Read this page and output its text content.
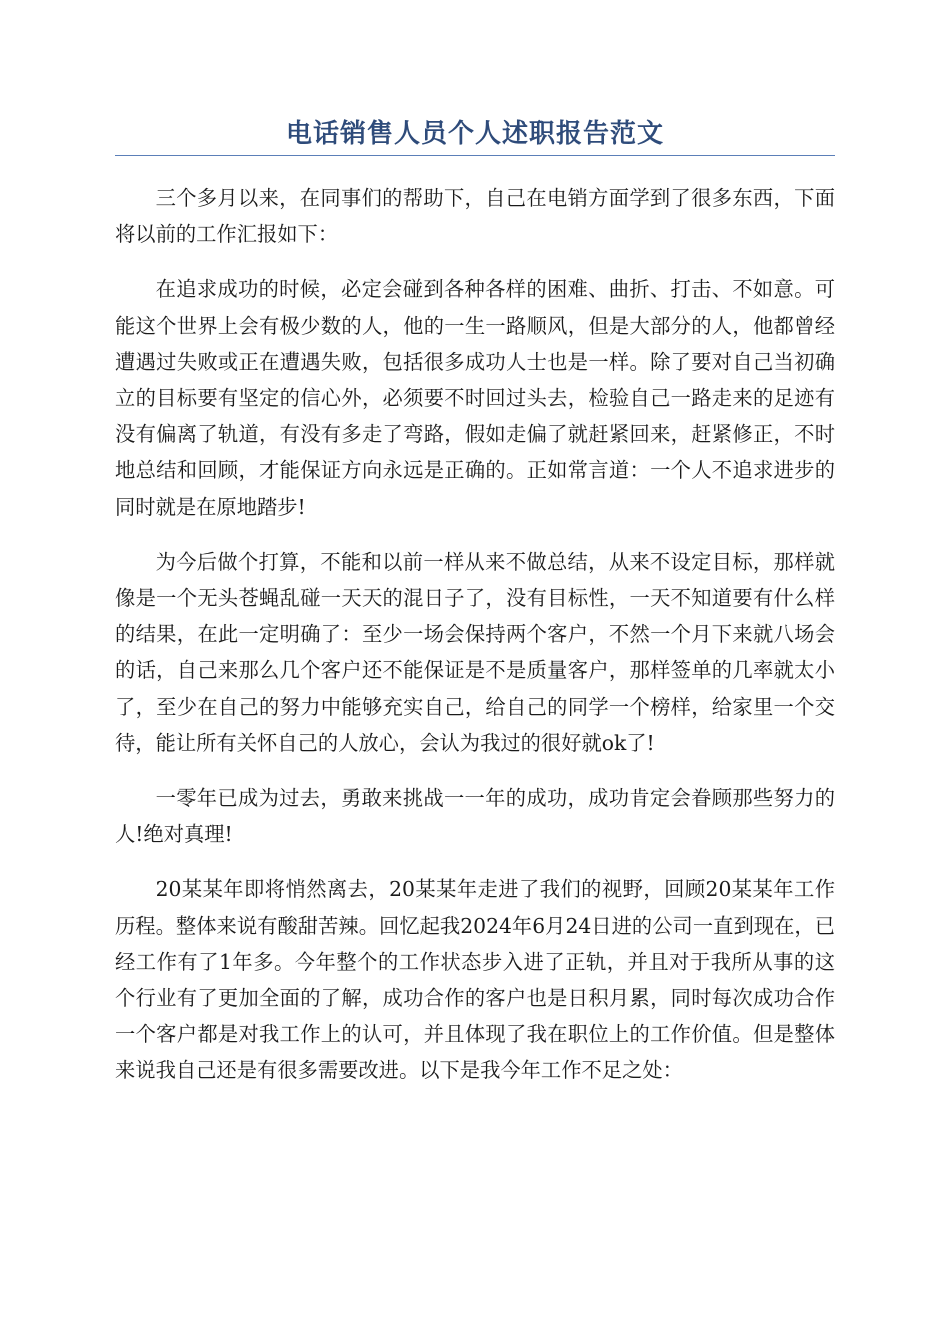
电话销售人员个人述职报告范文

三个多月以来，在同事们的帮助下，自己在电销方面学到了很多东西，下面将以前的工作汇报如下：

在追求成功的时候，必定会碰到各种各样的困难、曲折、打击、不如意。可能这个世界上会有极少数的人，他的一生一路顺风，但是大部分的人，他都曾经遭遇过失败或正在遭遇失败，包括很多成功人士也是一样。除了要对自己当初确立的目标要有坚定的信心外，必须要不时回过头去，检验自己一路走来的足迹有没有偏离了轨道，有没有多走了弯路，假如走偏了就赶紧回来，赶紧修正，不时地总结和回顾，才能保证方向永远是正确的。正如常言道：一个人不追求进步的同时就是在原地踏步!

为今后做个打算，不能和以前一样从来不做总结，从来不设定目标，那样就像是一个无头苍蝇乱碰一天天的混日子了，没有目标性，一天不知道要有什么样的结果，在此一定明确了：至少一场会保持两个客户，不然一个月下来就八场会的话，自己来那么几个客户还不能保证是不是质量客户，那样签单的几率就太小了，至少在自己的努力中能够充实自己，给自己的同学一个榜样，给家里一个交待，能让所有关怀自己的人放心，会认为我过的很好就ok了!

一零年已成为过去，勇敢来挑战一一年的成功，成功肯定会眷顾那些努力的人!绝对真理!

20某某年即将悄然离去，20某某年走进了我们的视野，回顾20某某年工作历程。整体来说有酸甜苦辣。回忆起我2024年6月24日进的公司一直到现在，已经工作有了1年多。今年整个的工作状态步入进了正轨，并且对于我所从事的这个行业有了更加全面的了解，成功合作的客户也是日积月累，同时每次成功合作一个客户都是对我工作上的认可，并且体现了我在职位上的工作价值。但是整体来说我自己还是有很多需要改进。以下是我今年工作不足之处：
